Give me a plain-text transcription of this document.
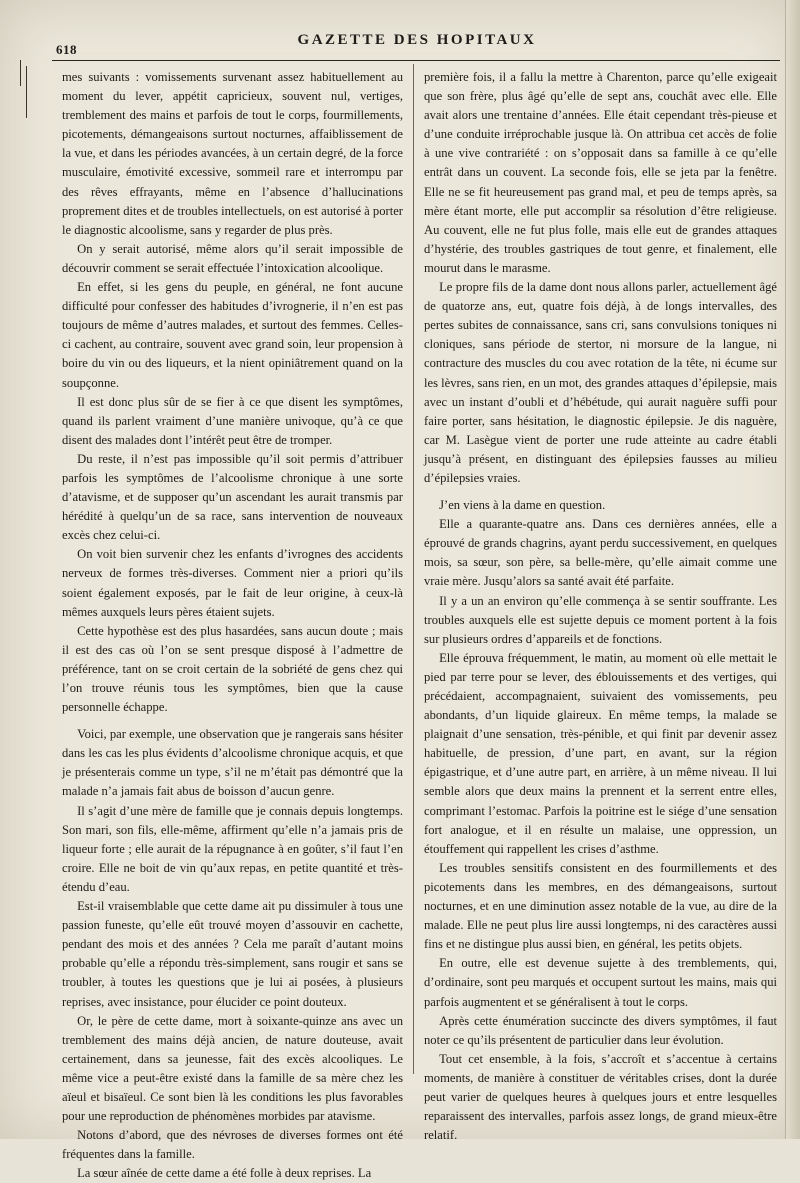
618
GAZETTE DES HOPITAUX

mes suivants : vomissements survenant assez habituellement au moment du lever, appétit capricieux, souvent nul, vertiges, tremblement des mains et parfois de tout le corps, fourmillements, picotements, démangeaisons surtout nocturnes, affaiblissement de la vue, et dans les périodes avancées, à un certain degré, de la force musculaire, émotivité excessive, sommeil rare et interrompu par des rêves effrayants, même en l’absence d’hallucinations proprement dites et de troubles intellectuels, on est autorisé à porter le diagnostic alcoolisme, sans y regarder de plus près.

On y serait autorisé, même alors qu’il serait impossible de découvrir comment se serait effectuée l’intoxication alcoolique.

En effet, si les gens du peuple, en général, ne font aucune difficulté pour confesser des habitudes d’ivrognerie, il n’en est pas toujours de même d’autres malades, et surtout des femmes. Celles-ci cachent, au contraire, souvent avec grand soin, leur propension à boire du vin ou des liqueurs, et la nient opiniâtrement quand on la soupçonne.

Il est donc plus sûr de se fier à ce que disent les symptômes, quand ils parlent vraiment d’une manière univoque, qu’à ce que disent des malades dont l’intérêt peut être de tromper.

Du reste, il n’est pas impossible qu’il soit permis d’attribuer parfois les symptômes de l’alcoolisme chronique à une sorte d’atavisme, et de supposer qu’un ascendant les aurait transmis par hérédité à quelqu’un de sa race, sans intervention de nouveaux excès chez celui-ci.

On voit bien survenir chez les enfants d’ivrognes des accidents nerveux de formes très-diverses. Comment nier a priori qu’ils soient également exposés, par le fait de leur origine, à ceux-là mêmes auxquels leurs pères étaient sujets.

Cette hypothèse est des plus hasardées, sans aucun doute ; mais il est des cas où l’on se sent presque disposé à l’admettre de préférence, tant on se croit certain de la sobriété de gens chez qui l’on trouve réunis tous les symptômes, bien que la cause personnelle échappe.

Voici, par exemple, une observation que je rangerais sans hésiter dans les cas les plus évidents d’alcoolisme chronique acquis, et que je présenterais comme un type, s’il ne m’était pas démontré que la malade n’a jamais fait abus de boisson d’aucun genre.

Il s’agit d’une mère de famille que je connais depuis longtemps. Son mari, son fils, elle-même, affirment qu’elle n’a jamais pris de liqueur forte ; elle aurait de la répugnance à en goûter, s’il faut l’en croire. Elle ne boit de vin qu’aux repas, en petite quantité et très-étendu d’eau.

Est-il vraisemblable que cette dame ait pu dissimuler à tous une passion funeste, qu’elle eût trouvé moyen d’assouvir en cachette, pendant des mois et des années ? Cela me paraît d’autant moins probable qu’elle a répondu très-simplement, sans rougir et sans se troubler, à toutes les questions que je lui ai posées, à plusieurs reprises, avec insistance, pour élucider ce point douteux.

Or, le père de cette dame, mort à soixante-quinze ans avec un tremblement des mains déjà ancien, de nature douteuse, avait certainement, dans sa jeunesse, fait des excès alcooliques. Le même vice a peut-être existé dans la famille de sa mère chez les aïeul et bisaïeul. Ce sont bien là les conditions les plus favorables pour une reproduction de phénomènes morbides par atavisme.

Notons d’abord, que des névroses de diverses formes ont été fréquentes dans la famille.

La sœur aînée de cette dame a été folle à deux reprises. La

première fois, il a fallu la mettre à Charenton, parce qu’elle exigeait que son frère, plus âgé qu’elle de sept ans, couchât avec elle. Elle avait alors une trentaine d’années. Elle était cependant très-pieuse et d’une conduite irréprochable jusque là. On attribua cet accès de folie à une vive contrariété : on s’opposait dans sa famille à ce qu’elle entrât dans un couvent. La seconde fois, elle se jeta par la fenêtre. Elle ne se fit heureusement pas grand mal, et peu de temps après, sa mère étant morte, elle put accomplir sa résolution d’être religieuse. Au couvent, elle ne fut plus folle, mais elle eut de grandes attaques d’hystérie, des troubles gastriques de tout genre, et finalement, elle mourut dans le marasme.

Le propre fils de la dame dont nous allons parler, actuellement âgé de quatorze ans, eut, quatre fois déjà, à de longs intervalles, des pertes subites de connaissance, sans cri, sans convulsions toniques ni cloniques, sans période de stertor, ni morsure de la langue, ni contracture des muscles du cou avec rotation de la tête, ni écume sur les lèvres, sans rien, en un mot, des grandes attaques d’épilepsie, mais avec un instant d’oubli et d’hébétude, qui aurait naguère suffi pour faire porter, sans hésitation, le diagnostic épilepsie. Je dis naguère, car M. Lasègue vient de porter une rude atteinte au cadre établi jusqu’à présent, en distinguant des épilepsies fausses au milieu d’épilepsies vraies.

J’en viens à la dame en question.

Elle a quarante-quatre ans. Dans ces dernières années, elle a éprouvé de grands chagrins, ayant perdu successivement, en quelques mois, sa sœur, son père, sa belle-mère, qu’elle aimait comme une vraie mère. Jusqu’alors sa santé avait été parfaite.

Il y a un an environ qu’elle commença à se sentir souffrante. Les troubles auxquels elle est sujette depuis ce moment portent à la fois sur plusieurs ordres d’appareils et de fonctions.

Elle éprouva fréquemment, le matin, au moment où elle mettait le pied par terre pour se lever, des éblouissements et des vertiges, qui précédaient, accompagnaient, suivaient des vomissements, peu abondants, d’un liquide glaireux. En même temps, la malade se plaignait d’une sensation, très-pénible, et qui finit par devenir assez habituelle, de pression, d’une part, en avant, sur la région épigastrique, et d’une autre part, en arrière, à un même niveau. Il lui semble alors que deux mains la prennent et la serrent entre elles, comprimant l’estomac. Parfois la poitrine est le siége d’une sensation fort analogue, et il en résulte un malaise, une oppression, un étouffement qui rappellent les crises d’asthme.

Les troubles sensitifs consistent en des fourmillements et des picotements dans les membres, en des démangeaisons, surtout nocturnes, et en une diminution assez notable de la vue, au dire de la malade. Elle ne peut plus lire aussi longtemps, ni des caractères aussi fins et ne distingue plus aussi bien, en général, les petits objets.

En outre, elle est devenue sujette à des tremblements, qui, d’ordinaire, sont peu marqués et occupent surtout les mains, mais qui parfois augmentent et se généralisent à tout le corps.

Après cette énumération succincte des divers symptômes, il faut noter ce qu’ils présentent de particulier dans leur évolution.

Tout cet ensemble, à la fois, s’accroît et s’accentue à certains moments, de manière à constituer de véritables crises, dont la durée peut varier de quelques heures à quelques jours et entre lesquelles reparaissent des intervalles, parfois assez longs, de grand mieux-être relatif.
